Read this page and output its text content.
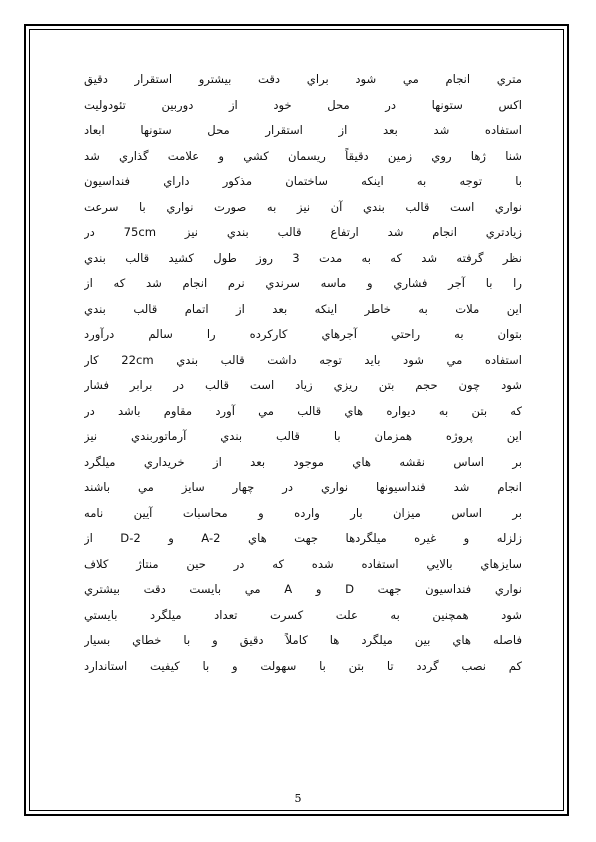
متري انجام مي شود براي دقت بيشترو استقرار دقيق
اكس ستونها در محل خود از دوربين تئودوليت
استفاده شد بعد از استقرار محل ستونها ابعاد
شنا ژها روي زمين دقيقاً ريسمان كشي و علامت گذاري شد
با توجه به اينكه ساختمان مذكور داراي فنداسيون
نواري است قالب بندي آن نيز به صورت نواري با سرعت
زيادتري انجام شد ارتفاع قالب بندي نيز 75cm در
نظر گرفته شد كه به مدت 3 روز طول كشيد قالب بندي
را با آجر فشاري و ماسه سرندي نرم انجام شد كه از
اين ملات به خاطر اينكه بعد از اتمام قالب بندي
بتوان به راحتي آجرهاي كاركرده را سالم درآورد
استفاده مي شود بايد توجه داشت قالب بندي 22cm كار
شود چون حجم بتن ريزي زياد است قالب در برابر فشار
كه بتن به ديواره هاي قالب مي آورد مقاوم باشد در
اين پروژه همزمان با قالب بندي آرماتوربندي نيز
بر اساس نقشه هاي موجود بعد از خريداري ميلگرد
انجام شد فنداسيونها نواري در چهار سايز مي باشند
بر اساس ميزان بار وارده و محاسبات آيين نامه
زلزله و غيره ميلگردها جهت هاي A-2 و D-2 از
سايزهاي بالايي استفاده شده كه در حين منتاژ كلاف
نواري فنداسيون جهت D و A مي بايست دقت بيشتري
شود همچنين به علت كسرت تعداد ميلگرد بايستي
فاصله هاي بين ميلگرد ها كاملاً دقيق و با خطاي بسيار
كم نصب گردد تا بتن با سهولت و با كيفيت استاندارد
5
